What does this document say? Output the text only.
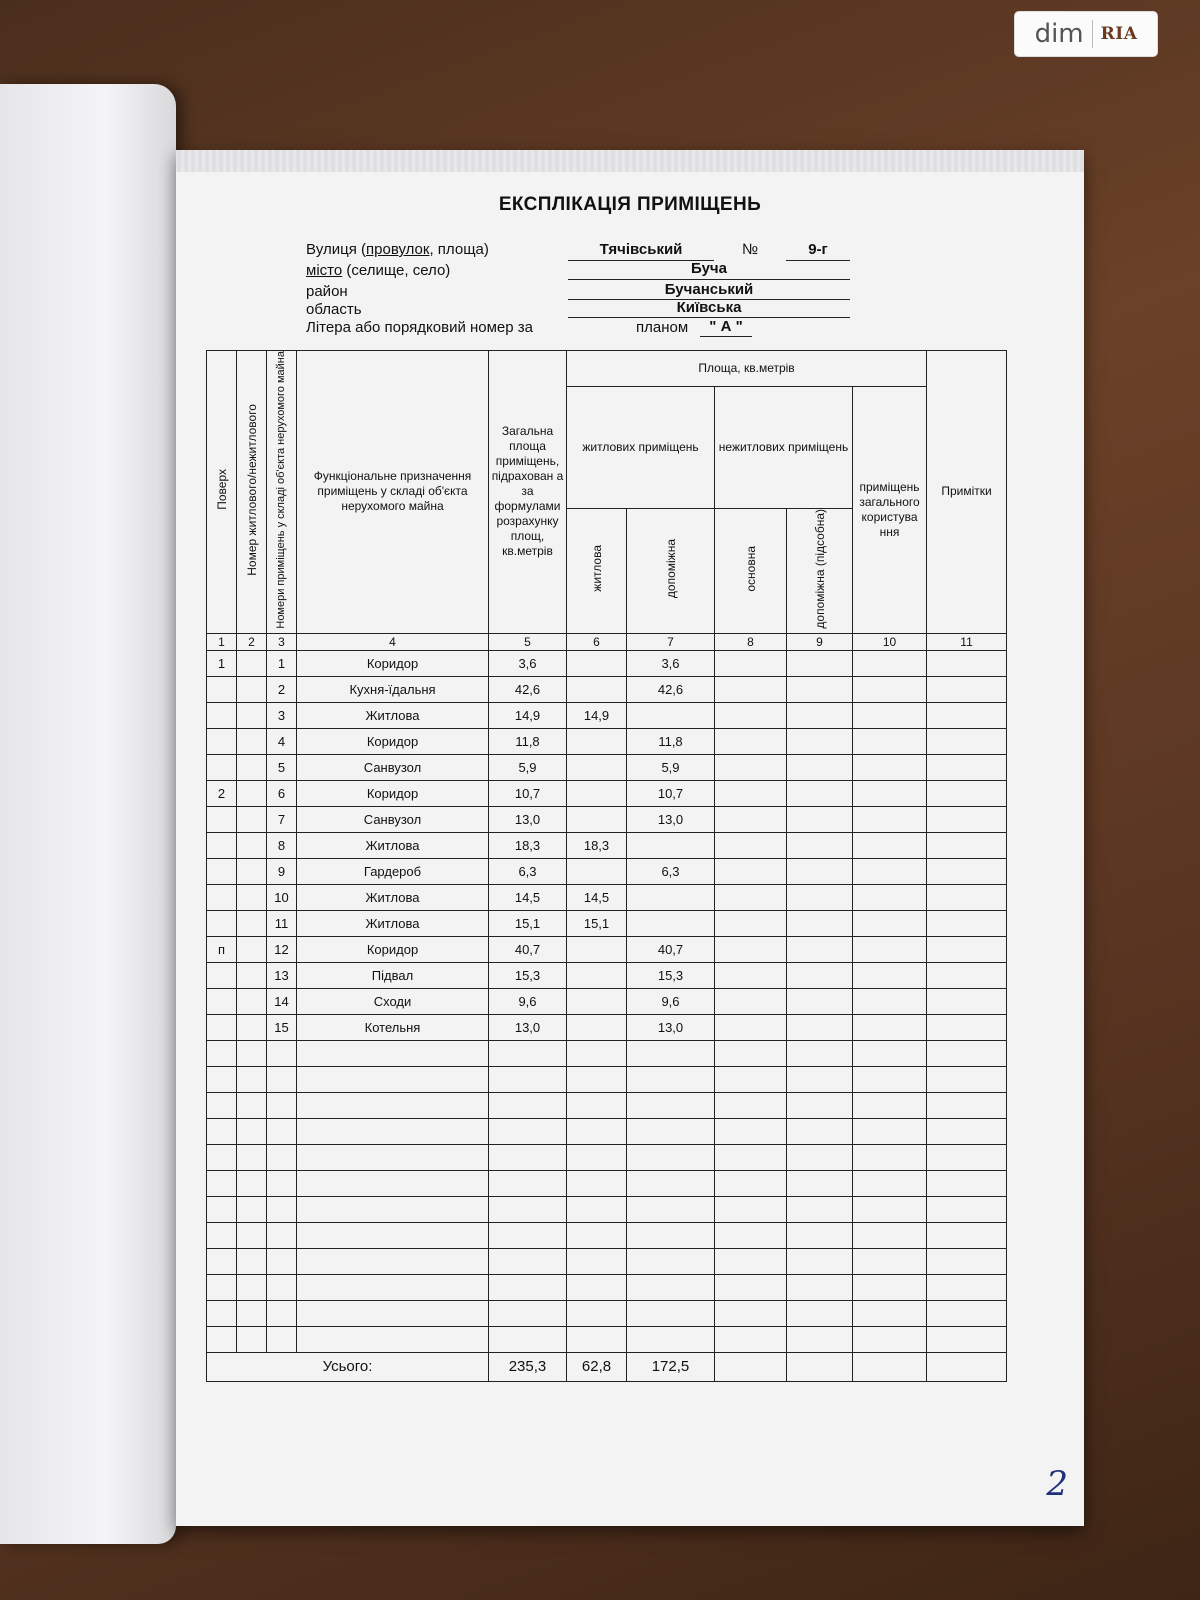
dim RIA
ЕКСПЛІКАЦІЯ ПРИМІЩЕНЬ
Вулиця (провулок, площа)	Тячівський	№	9-г
місто (селище, село)	Буча
район	Бучанський
область	Київська
Літера або порядковий номер за	планом	" А "
Поверх	Номер житлового/нежитлового	Номери приміщень у складі об'єкта нерухомого майна	Функціональне призначення приміщень у складі об'єкта нерухомого майна	Загальна площа приміщень, підрахован а за формулами розрахунку площ, кв.метрів	Площа, кв.метрів					Примітки
					житлових приміщень		нежитлових приміщень		приміщень загального користува ння	
					житлова	допоміжна	основна	допоміжна (підсобна)		
1	2	3	4	5	6	7	8	9	10	11
1		1	Коридор	3,6		3,6				
		2	Кухня-їдальня	42,6		42,6				
		3	Житлова	14,9	14,9					
		4	Коридор	11,8		11,8				
		5	Санвузол	5,9		5,9				
2		6	Коридор	10,7		10,7				
		7	Санвузол	13,0		13,0				
		8	Житлова	18,3	18,3					
		9	Гардероб	6,3		6,3				
		10	Житлова	14,5	14,5					
		11	Житлова	15,1	15,1					
п		12	Коридор	40,7		40,7				
		13	Підвал	15,3		15,3				
		14	Сходи	9,6		9,6				
		15	Котельня	13,0		13,0				

Усього:				235,3	62,8	172,5				
2
